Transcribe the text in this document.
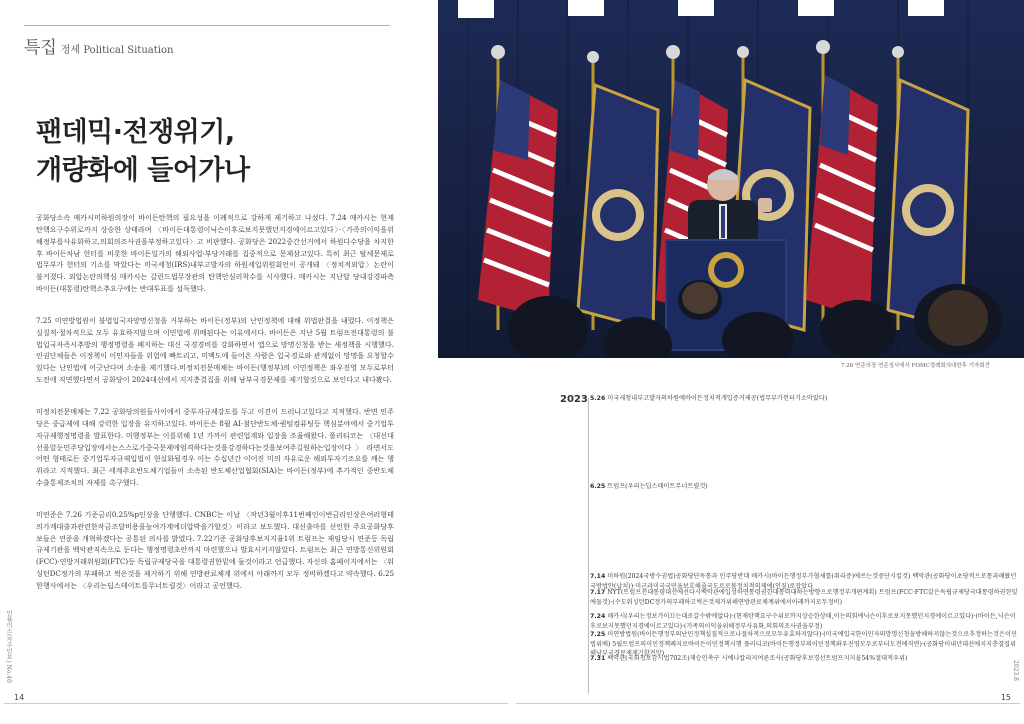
특집 정세 Political Situation
팬데믹·전쟁위기,
개량화에 들어가나

공화당소속 매카시미하원의장이 바이든탄핵의 필요성을 이례적으로 강하게 제기하고 나섰다. 7.24 매카시는 현재 탄핵요구수위로까지 상승한 상태라며 〈바이든대통령이닉슨이후로보지못했던지경에이르고있다〉·〈가족의이익을위해정부를사유화하고,의회의조사권을부정하고있다〉고 비판했다. 공화당은 2022중간선거에서 하원다수당을 차지한후 바이든차남 헌터를 비롯한 바이든일가의 해외사업·부당거래를 집중적으로 문제삼고있다. 특히 최근 탈세문제로 법무부가 헌터의 기소를 막았다는 미국세청(IRS)내부고발자의 하원세입위원회언이 공개돼 〈정치적외압〉논란이 불거졌다. 외압논란의핵심 매카시는 갈런드법무장관의 탄핵안심리착수를 시사했다. 매카시는 지난달 당내강경파측 바이든(대통령)탄핵소추요구에는 반대투표를 설득했다.

7.25 미연방법원이 불법입국자망명신청을 거부하는 바이든(정부)의 난민정책에 대해 위법판결을 내렸다. 이정책은 실질적·절차적으로 모두 유효하지않으며 이민법에 위배된다는 이유에서다. 바이든은 지난 5월 트럼프전대통령의 불법입국자즉시추방의 행정명령을 폐지하는 대신 국경경비를 강화하면서 앱으로 망명신청을 받는 새정책을 시행했다. 인권단체들은 이정책이 이민자들을 위험에 빠트리고, 미멕도에 들어온 사람은 입국경로와 관계없이 망명을 요청할수있다는 난민법에 어긋난다며 소송을 제기했다.비정치전문매체는 바이든(행정부)의 이민정책은 좌우진영 모두로부터 도전에 직면했다면서 공화당이 2024대선에서 지지층결집을 위해 남부국경문제를 제기할것으로 보인다고 내다봤다.

미정치전문매체는 7.22 공화당의원들사이에서 중투자규제강도를 두고 이견이 드러나고있다고 지적했다. 반면 민주당은 중급제에 대해 강력한 입장을 유지하고있다. 바이든은 8월 AI·첨단반도체·퀀텀컴퓨팅등 핵심분야에서 중기업투자규제행정명령을 발표한다. 미행정부는 이를위해 1년 가까이 관련업계와 입장을 조율해왔다. 폴리티코는 〈대선대선을앞둔민주당입장에서는스스로가중국문제에엄격하다는것을강경하다는것을보여주길원하는입장이다〉라면서도 어떤 형태로든 중기업투자규제입법이 현실화될경우 이는 수십년간 이어진 미의 자유로운 해외투자기조요를 깨는 행위라고 지적했다. 최근 세계주요반도체기업들이 소속된 반도체산업협회(SIA)는 바이든(정부)에 추가적인 중반도체수출통제조치의 자제를 촉구했다.

미연준은 7.26 기준금리0.25%p인상을 단행했다. CNBC는 이날 〈작년3월이후11번째인이번금리인상은여러형태의가계대출과관련한작금조달비용을높여가계에더압박을가할것〉이라고 보도했다. 대선출마를 선언한 주요공화당후보들은 연준을 개혁하겠다는 공통된 의사를 밝였다. 7.22기준 공화당후보지지율1위 트럼프는 재임당시 연준등 독립규제기관을 백악관직속으로 둔다는 행정명령초안까지 마련했으나 발효시키지않았다. 트럼프는 최근 연방통신위원회(FCC)·연방거래위원회(FTC)등 독립규제당국을 대통령권한밑에 둘것이라고 언급했다. 자신의 홈페이지에서는 〈워싱턴DC정가의 부패하고 썩은것을 제거하기 위해 연방관료체계 위에서 아래까지 모두 정비하겠다고 약속했다. 6.25 한행사에서는 〈우리는딥스테이트를무너트릴것〉이라고 공언했다.

민플러스(자주민보) No.40
14
7.26 연준의장 연준청사에서 FOMC정례회의대한후 기자회견
2023 5.26 미국세청내부고발자의하원에바이든정치적개입증거제공(법무부가헌터기소막았다)
6.25 트럼프(우리는딥스테이트무너트릴것)
7.14 미하원(2024국방수권법)공화당단독통과 민주당반대 매카시(바이든행정부가혈세를(취리증)에쓰는것중단시킬것) 백악관(공화당이초당적으로통과해왔던국방법안(납치))·미군과미국국민을보호해줄국도로로볼정치적의제에(인질)로잡았다
7.17 NYT(트럼프전대통령대선에선다시백악관에입성하면통령권한대통력대하는방향으로행정부개편계획) 트럼프(FCC·FTC같은독립규제당국대통령하권한밑에둘것)·(수도워싱턴DC정가의부패하고썩은것제거위해연방관료체계위에서아래까지모두정비)
7.24 매카시(우리는정보가이끄는대로갈수밖에없다)·(현재탄핵요구수위로까지상승한상태,이는의회에닉슨이후로보지못했던지경에이르고있다)·(바이든,닉슨이후로보지못했던지경에이르고있다)·(가족의이익을위해정부사유화,의회의조사권을부정)
7.25 미연방법원(바이든행정부의난민정책실질적으로나절차적으로모두유효하지않다)·(미국에입국한이민자의망명신청을방해하지않는것으로추정하는것은이민법위배) 5월트럼프의이민정책폐지로바이든이민정책시행 플러디코(바이든행정부의이민정책좌우진영모두로부터도전에직면)·(공화당이내년대선에지지층결집위해남부국경문제제기할전망)
7.31 백악관(국회청보감시법702조)재승인촉구 시에나칼리지여론조사(공화당후보경선트럼프지지율54%절대적우위)
2023.8
15
